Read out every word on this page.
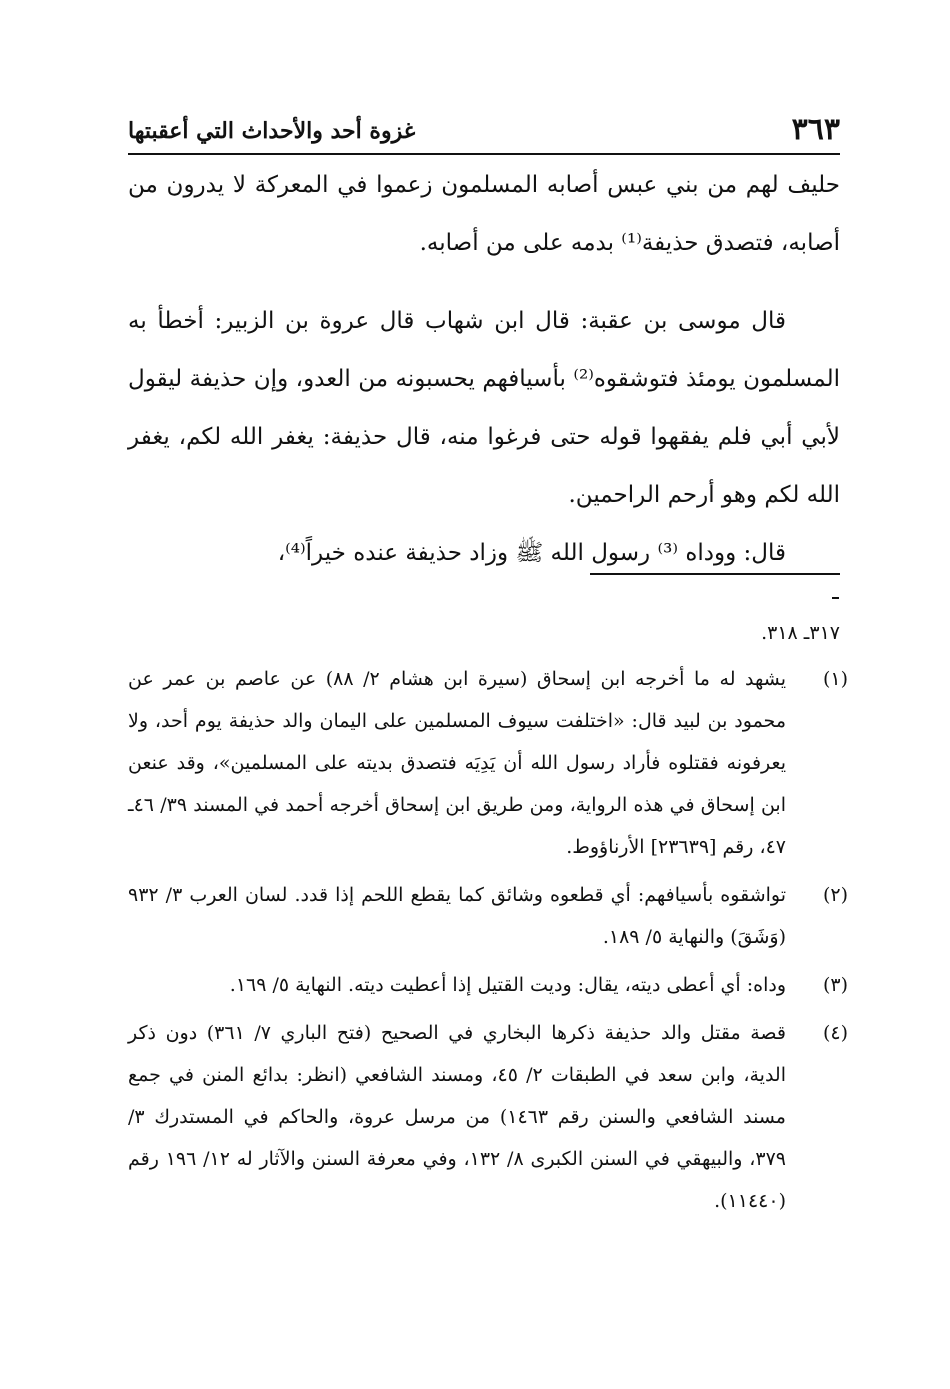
٣٦٣
غزوة أحد والأحداث التي أعقبتها

حليف لهم من بني عبس أصابه المسلمون زعموا في المعركة لا يدرون من أصابه، فتصدق حذيفة⁽¹⁾ بدمه على من أصابه.

قال موسى بن عقبة: قال ابن شهاب قال عروة بن الزبير: أخطأ به المسلمون يومئذ فتوشقوه⁽²⁾ بأسيافهم يحسبونه من العدو، وإن حذيفة ليقول لأبي أبي فلم يفقهوا قوله حتى فرغوا منه، قال حذيفة: يغفر الله لكم، يغفر الله لكم وهو أرحم الراحمين.

قال: ووداه ⁽³⁾ رسول الله ﷺ وزاد حذيفة عنده خيراً⁽⁴⁾،

٣١٧ـ ٣١٨.
(١)
يشهد له ما أخرجه ابن إسحاق (سيرة ابن هشام ٢/ ٨٨) عن عاصم بن عمر عن محمود بن لبيد قال: «اختلفت سيوف المسلمين على اليمان والد حذيفة يوم أحد، ولا يعرفونه فقتلوه فأراد رسول الله أن يَدِيَه فتصدق بديته على المسلمين»، وقد عنعن ابن إسحاق في هذه الرواية، ومن طريق ابن إسحاق أخرجه أحمد في المسند ٣٩/ ٤٦ـ ٤٧، رقم [٢٣٦٣٩] الأرناؤوط.
(٢)
تواشقوه بأسيافهم: أي قطعوه وشائق كما يقطع اللحم إذا قدد. لسان العرب ٣/ ٩٣٢ (وَشَقَ) والنهاية ٥/ ١٨٩.
(٣)
وداه: أي أعطى ديته، يقال: وديت القتيل إذا أعطيت ديته. النهاية ٥/ ١٦٩.
(٤)
قصة مقتل والد حذيفة ذكرها البخاري في الصحيح (فتح الباري ٧/ ٣٦١) دون ذكر الدية، وابن سعد في الطبقات ٢/ ٤٥، ومسند الشافعي (انظر: بدائع المنن في جمع مسند الشافعي والسنن رقم ١٤٦٣) من مرسل عروة، والحاكم في المستدرك ٣/ ٣٧٩، والبيهقي في السنن الكبرى ٨/ ١٣٢، وفي معرفة السنن والآثار له ١٢/ ١٩٦ رقم (١١٤٤٠).
